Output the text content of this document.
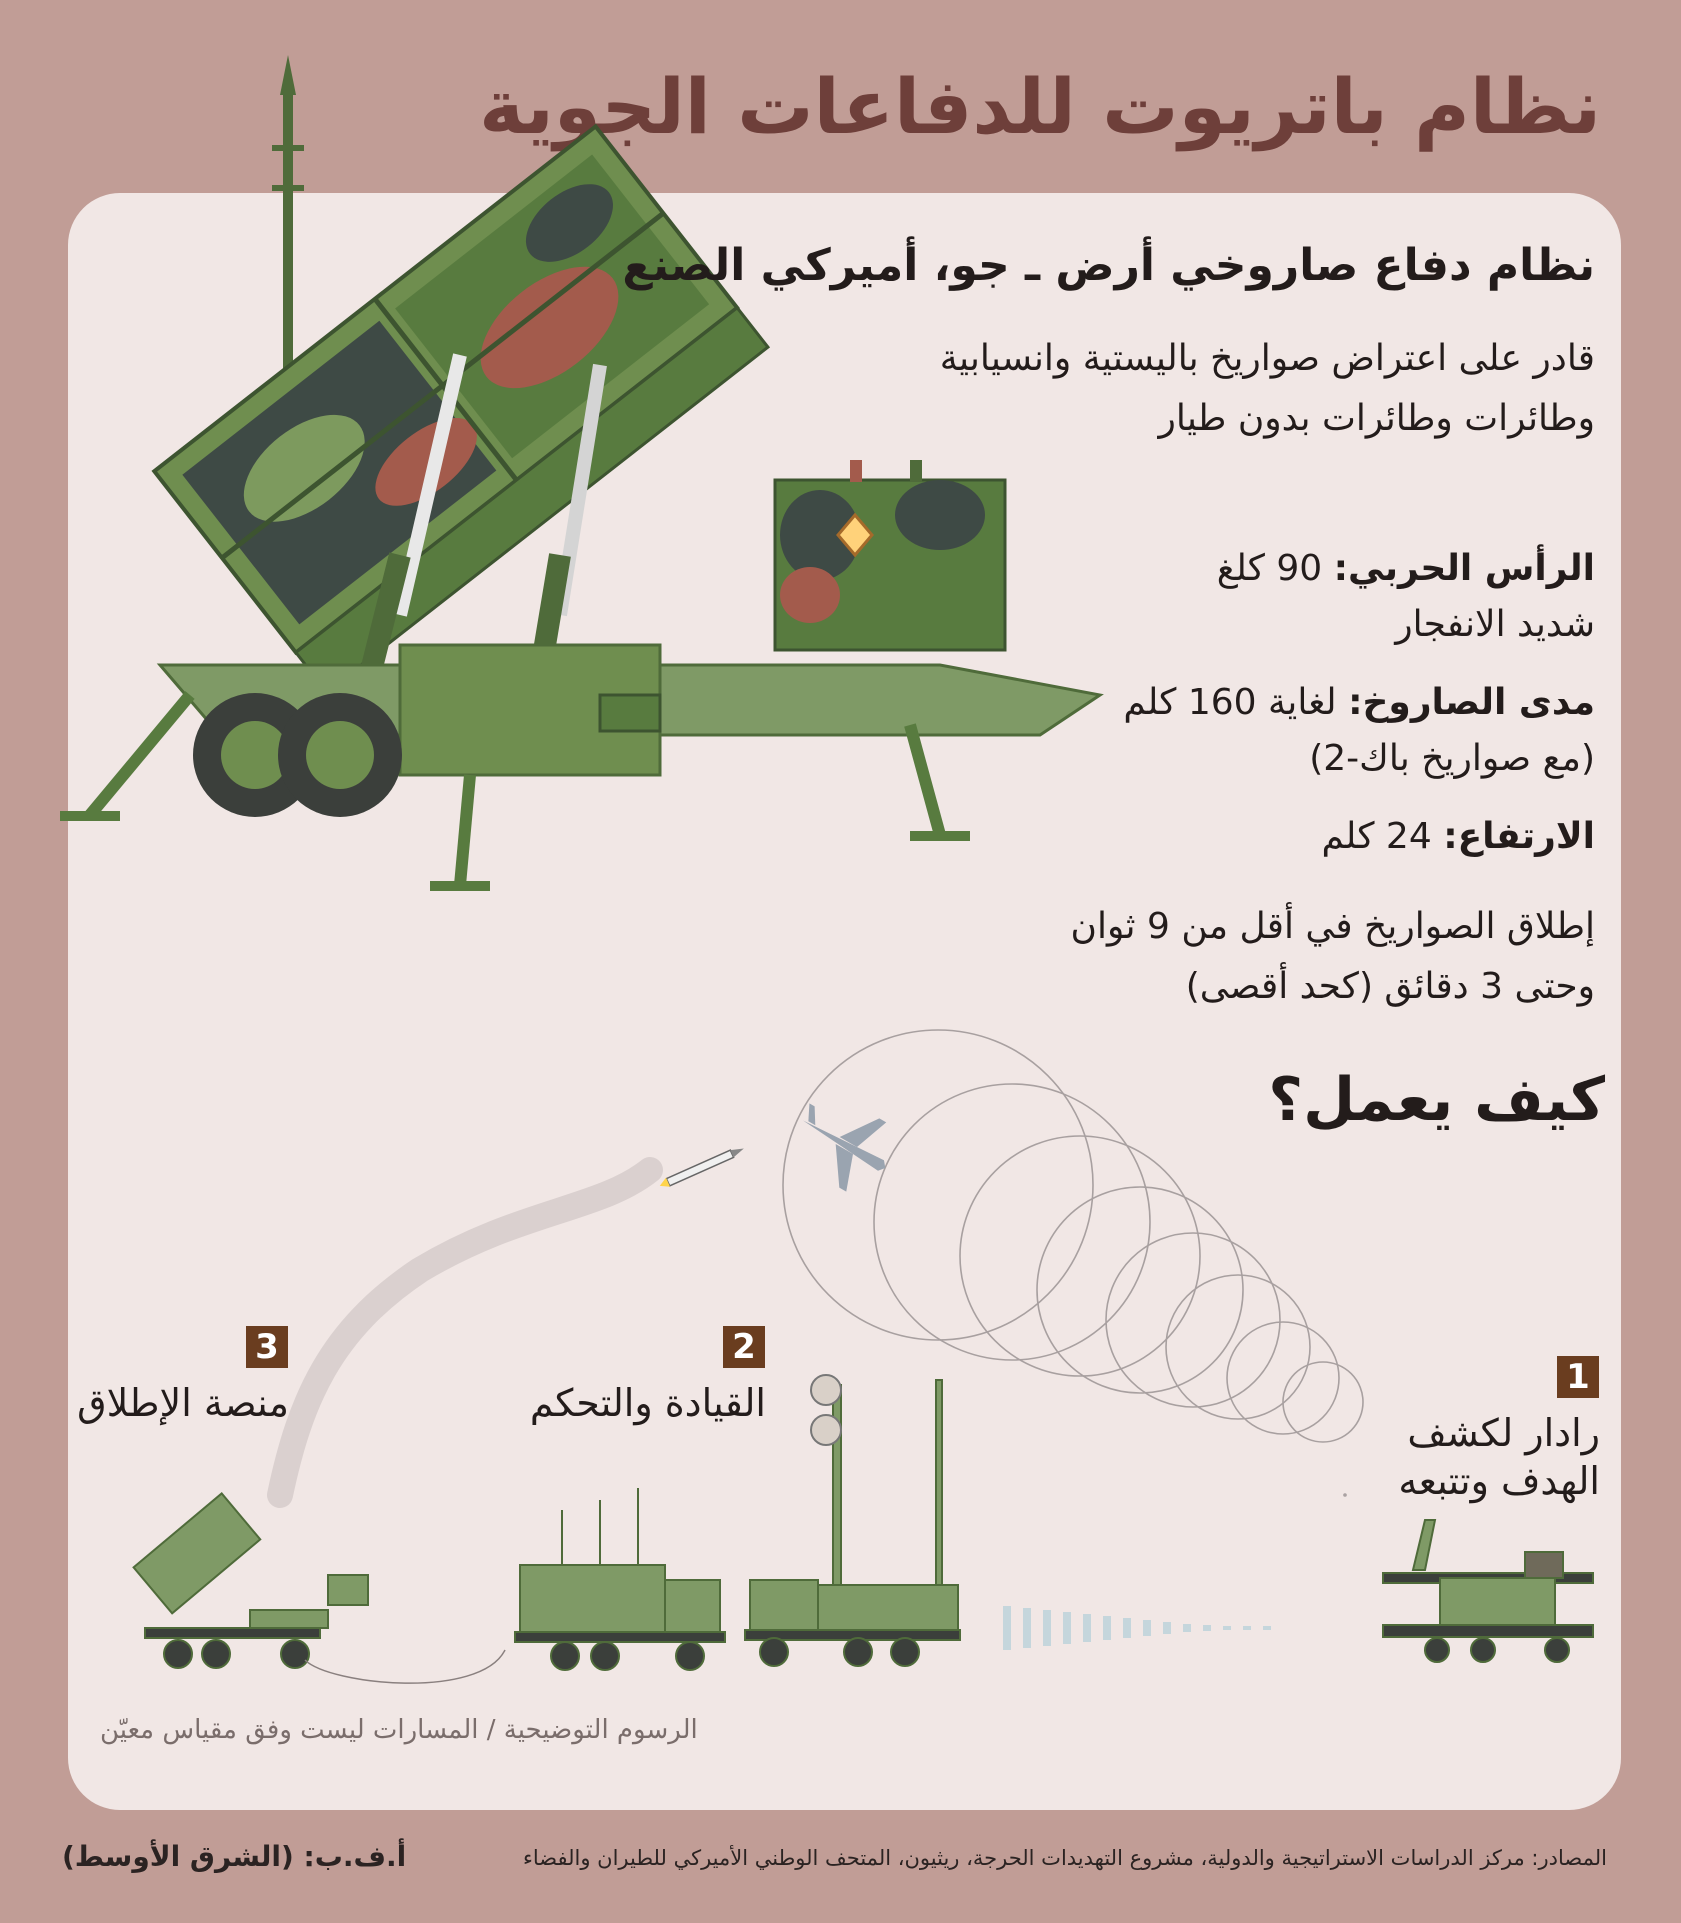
نظام باتريوت للدفاعات الجوية
نظام دفاع صاروخي أرض ـ جو، أميركي الصنع
قادر على اعتراض صواريخ باليستية وانسيابية
وطائرات وطائرات بدون طيار
الرأس الحربي: 90 كلغ
شديد الانفجار
مدى الصاروخ: لغاية 160 كلم
(مع صواريخ باك-2)
الارتفاع: 24 كلم
إطلاق الصواريخ في أقل من 9 ثوان
وحتى 3 دقائق (كحد أقصى)
كيف يعمل؟
1
رادار لكشف
الهدف وتتبعه
2
القيادة والتحكم
3
منصة الإطلاق
الرسوم التوضيحية / المسارات ليست وفق مقياس معيّن
المصادر: مركز الدراسات الاستراتيجية والدولية، مشروع التهديدات الحرجة، ريثيون، المتحف الوطني الأميركي للطيران والفضاء
أ.ف.ب: (الشرق الأوسط)
